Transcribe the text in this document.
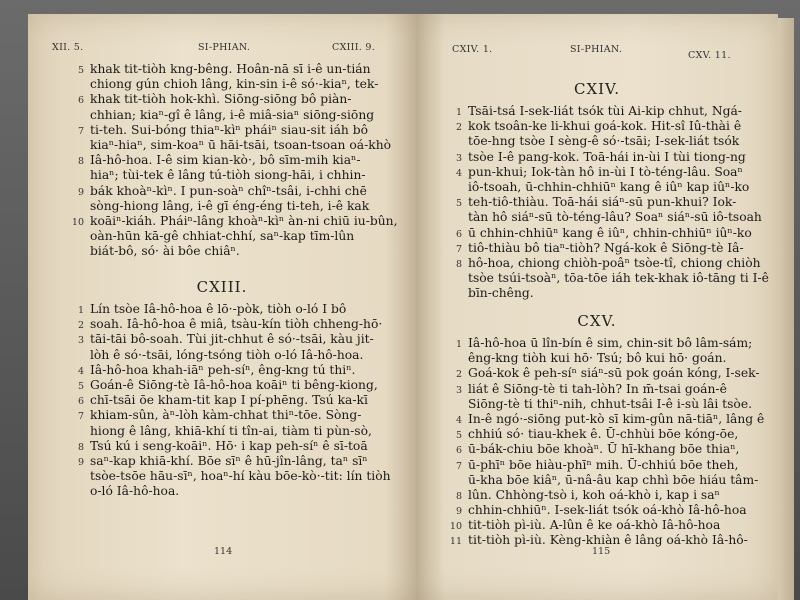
XII. 5.	SI-PHIAN.	CXIII. 9.
5 khak tit-tiòh kng-bêng. Hoân-nā sī i-ê un-tián
chiong gún chioh lâng, kin-sin i-ê só·-kiaⁿ, tek-
6 khak tit-tiòh hok-khì. Siōng-siōng bô piàn-
chhian; kiaⁿ-gî ê lâng, i-ê miâ-siaⁿ siōng-siōng
7 ti-teh. Sui-bóng thiaⁿ-kìⁿ pháiⁿ siau-sit iáh bô
kiaⁿ-hiaⁿ, sim-koaⁿ ū hāi-tsāi, tsoan-tsoan oá-khò
8 Iâ-hô-hoa. I-ê sim kian-kò·, bô sīm-mih kiaⁿ-
hiaⁿ; tùi-tek ê lâng tú-tiòh siong-hāi, i chhin-
9 bák khoàⁿ-kìⁿ. I pun-soàⁿ chîⁿ-tsâi, i-chhi chē
sòng-hiong lâng, i-ê gī éng-éng ti-teh, i-ê kak
10 koāiⁿ-kiáh. Pháiⁿ-lâng khoàⁿ-kìⁿ àn-ni chiū iu-bûn,
oàn-hūn kā-gê chhiat-chhí, saⁿ-kap tīm-lûn
biát-bô, só· ài bôe chiâⁿ.
CXIII.
1 Lín tsòe Iâ-hô-hoa ê lō·-pòk, tiòh o-ló I bô
2 soah. Iâ-hô-hoa ê miâ, tsàu-kín tiòh chheng-hō·
3 tāi-tāi bô-soah. Tùi jit-chhut ê só·-tsāi, kàu jit-
lòh ê só·-tsāi, lóng-tsóng tiòh o-ló Iâ-hô-hoa.
4 Iâ-hô-hoa khah-iāⁿ peh-síⁿ, êng-kng tú thiⁿ.
5 Goán-ê Siōng-tè Iâ-hô-hoa koāiⁿ ti bêng-kiong,
6 chī-tsāi ōe kham-tit kap I pí-phēng. Tsú ka-kī
7 khiam-sûn, àⁿ-lòh kàm-chhat thiⁿ-tōe. Sòng-
hiong ê lâng, khiā-khí ti tîn-ai, tiàm ti pùn-sò,
8 Tsú kú i seng-koāiⁿ. Hō· i kap peh-síⁿ ê sī-toā
9 saⁿ-kap khiā-khí. Bōe sīⁿ ê hū-jîn-lâng, taⁿ sīⁿ
tsòe-tsōe hāu-sīⁿ, hoaⁿ-hí kàu bōe-kò·-tit: lín tiòh
o-ló Iâ-hô-hoa.
114
CXIV. 1.	SI-PHIAN.
CXV. 11.
CXIV.
1 Tsāi-tsá I-sek-liát tsók tùi Ai-kip chhut, Ngá-
2 kok tsoân-ke li-khui goá-kok. Hit-sî Iû-thài ê
tōe-hng tsòe I sèng-ê só·-tsāi; I-sek-liát tsók
3 tsòe I-ê pang-kok. Toā-hái in-ùi I tùi tiong-ng
4 pun-khui; Iok-tàn hô in-ùi I tò-téng-lâu. Soaⁿ
iô-tsoah, ū-chhin-chhiūⁿ kang ê iûⁿ kap iûⁿ-ko
5 teh-tiô-thiàu. Toā-hái siáⁿ-sū pun-khui? Iok-
tàn hô siáⁿ-sū tò-téng-lâu? Soaⁿ siáⁿ-sū iô-tsoah
6 ū chhin-chhiūⁿ kang ê iûⁿ, chhin-chhiūⁿ iûⁿ-ko
7 tiô-thiàu bô tiaⁿ-tiòh? Ngá-kok ê Siōng-tè Iâ-
8 hô-hoa, chiong chiòh-poâⁿ tsòe-tî, chiong chiòh
tsòe tsúi-tsoàⁿ, tōa-tōe iáh tek-khak iô-tāng ti I-ê
bīn-chêng.
CXV.
1 Iâ-hô-hoa ū lîn-bín ê sim, chin-sit bô lâm-sám;
êng-kng tiòh kui hō· Tsú; bô kui hō· goán.
2 Goá-kok ê peh-síⁿ siáⁿ-sū pok goán kóng, I-sek-
3 liát ê Siōng-tè ti tah-lòh? In m̄-tsai goán-ê
Siōng-tè ti thiⁿ-nih, chhut-tsâi I-ê i-sù lâi tsòe.
4 In-ê ngó·-siōng put-kò sī kim-gûn nā-tiāⁿ, lâng ê
5 chhiú só· tiau-khek ê. Ū-chhùi bōe kóng-ōe,
6 ū-bák-chiu bōe khoàⁿ. Ū hī-khang bōe thiaⁿ,
7 ū-phīⁿ bōe hiàu-phīⁿ mih. Ū-chhiú bōe theh,
ū-kha bōe kiâⁿ, ū-nâ-âu kap chhì bōe hiáu tâm-
8 lûn. Chhòng-tsò i, koh oá-khò i, kap i saⁿ
9 chhin-chhiūⁿ. I-sek-liát tsók oá-khò Iâ-hô-hoa
10 tit-tiòh pì-iù. A-lûn ê ke oá-khò Iâ-hô-hoa
11 tit-tiòh pì-iù. Kèng-khiàn ê lâng oá-khò Iâ-hô-
115
